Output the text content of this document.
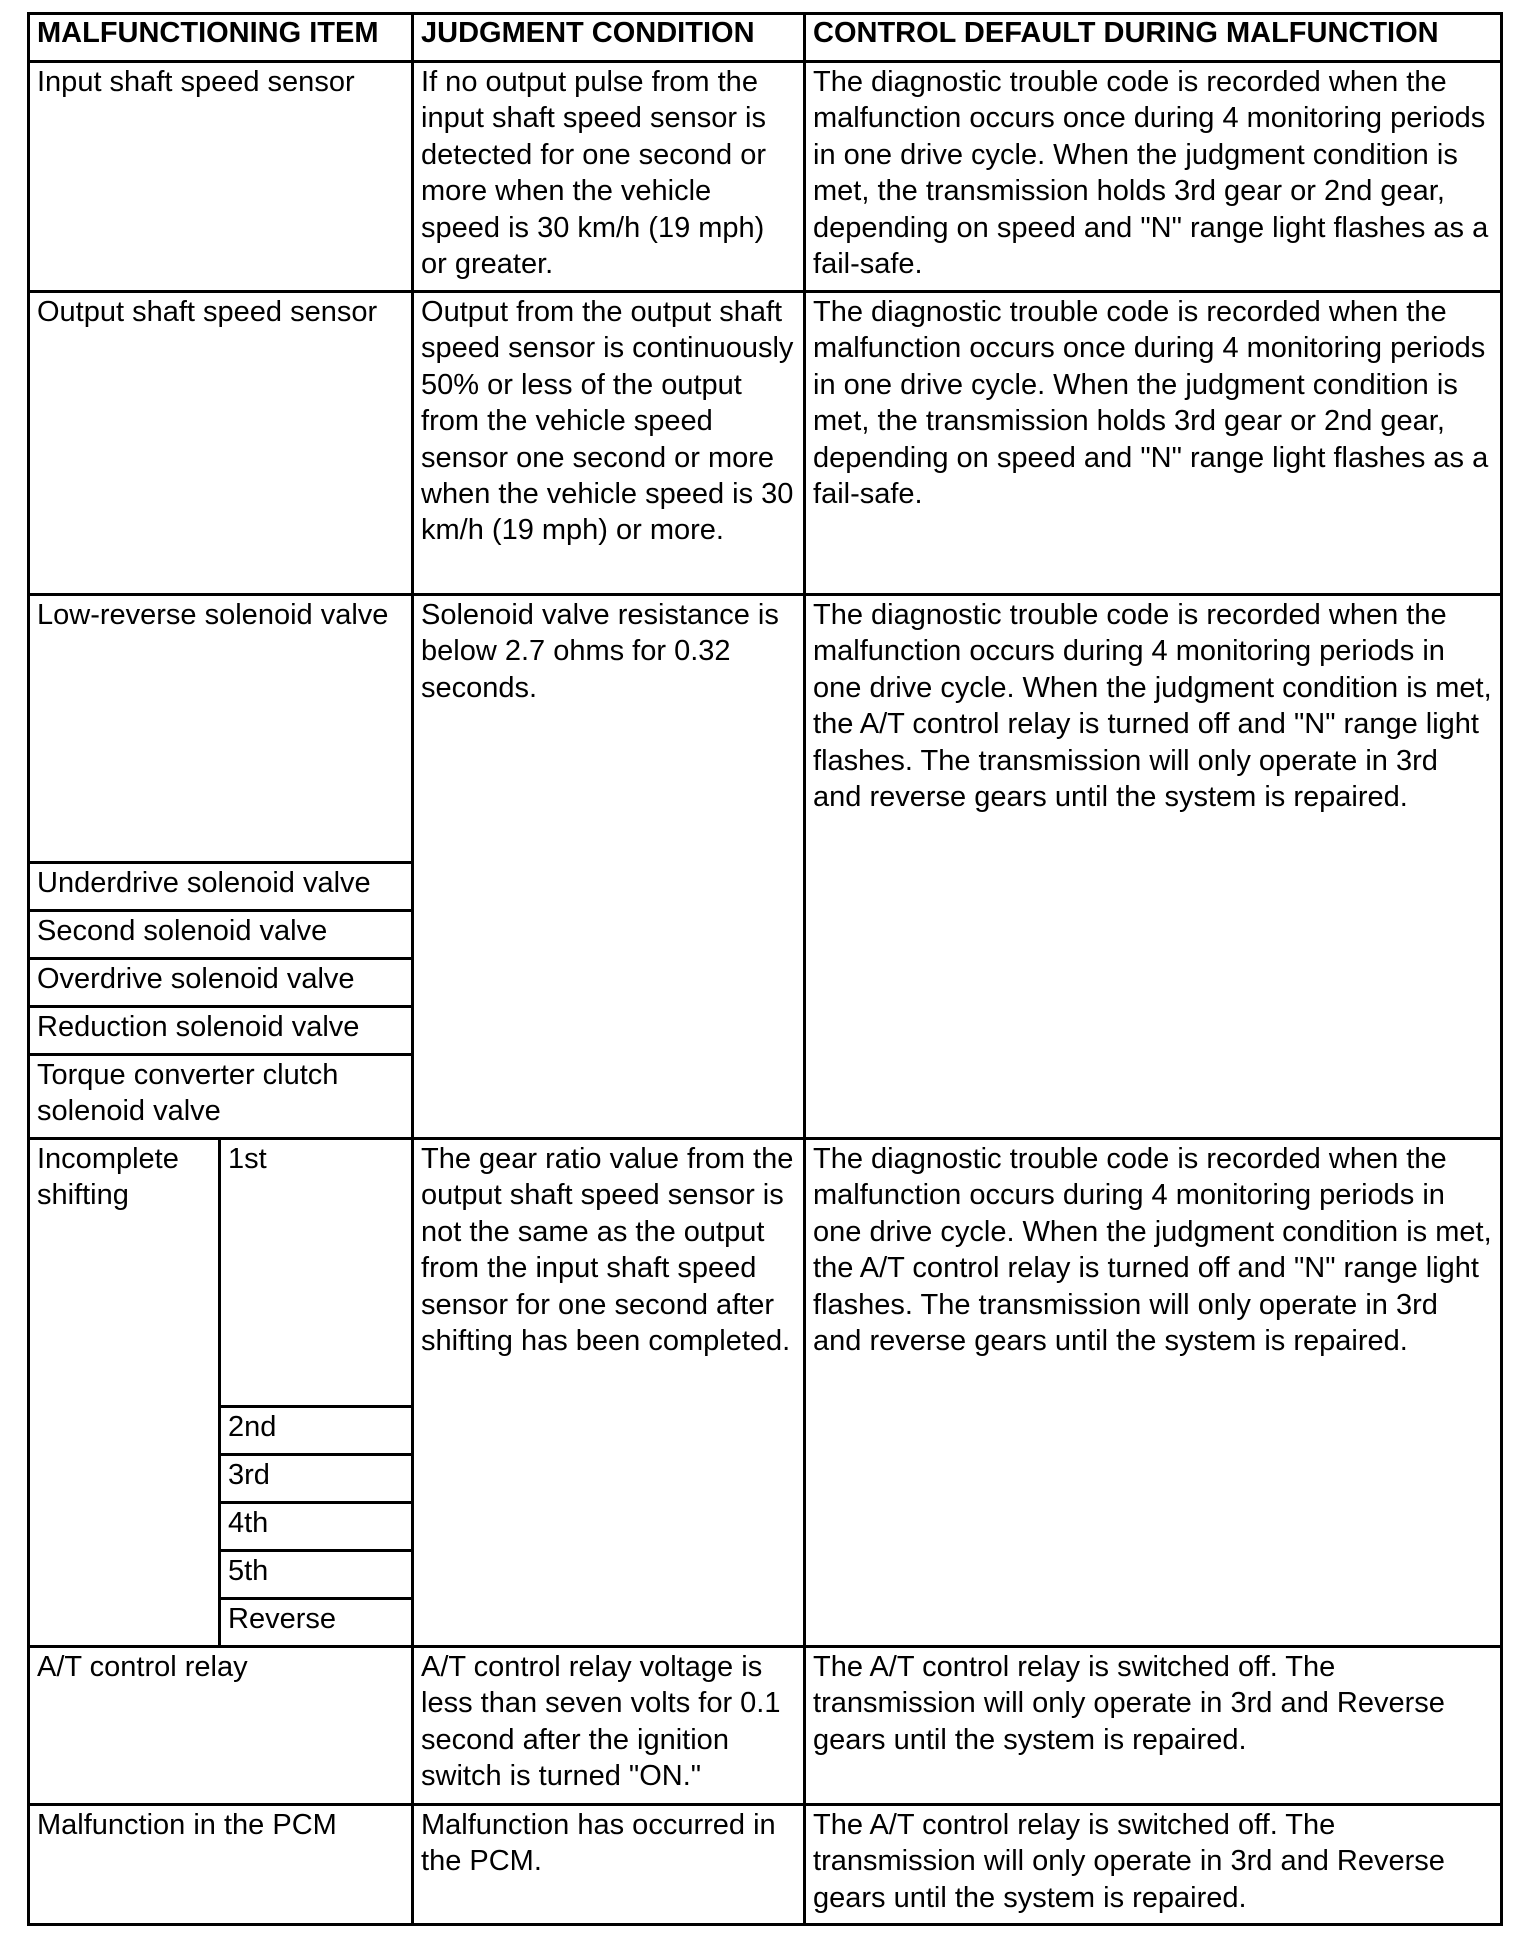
MALFUNCTIONING ITEM		JUDGMENT CONDITION	CONTROL DEFAULT DURING MALFUNCTION
Input shaft speed sensor		If no output pulse from the input shaft speed sensor is detected for one second or more when the vehicle speed is 30 km/h (19 mph) or greater.	The diagnostic trouble code is recorded when the malfunction occurs once during 4 monitoring periods in one drive cycle. When the judgment condition is met, the transmission holds 3rd gear or 2nd gear, depending on speed and "N" range light flashes as a fail-safe.
Output shaft speed sensor		Output from the output shaft speed sensor is continuously 50% or less of the output from the vehicle speed sensor one second or more when the vehicle speed is 30 km/h (19 mph) or more.	The diagnostic trouble code is recorded when the malfunction occurs once during 4 monitoring periods in one drive cycle. When the judgment condition is met, the transmission holds 3rd gear or 2nd gear, depending on speed and "N" range light flashes as a fail-safe.
Low-reverse solenoid valve		Solenoid valve resistance is below 2.7 ohms for 0.32 seconds.	The diagnostic trouble code is recorded when the malfunction occurs during 4 monitoring periods in one drive cycle. When the judgment condition is met, the A/T control relay is turned off and "N" range light flashes. The transmission will only operate in 3rd and reverse gears until the system is repaired.
Underdrive solenoid valve			
Second solenoid valve			
Overdrive solenoid valve			
Reduction solenoid valve			
Torque converter clutch solenoid valve			
Incomplete shifting	1st	The gear ratio value from the output shaft speed sensor is not the same as the output from the input shaft speed sensor for one second after shifting has been completed.	The diagnostic trouble code is recorded when the malfunction occurs during 4 monitoring periods in one drive cycle. When the judgment condition is met, the A/T control relay is turned off and "N" range light flashes. The transmission will only operate in 3rd and reverse gears until the system is repaired.
	2nd		
	3rd		
	4th		
	5th		
	Reverse		
A/T control relay		A/T control relay voltage is less than seven volts for 0.1 second after the ignition switch is turned "ON."	The A/T control relay is switched off. The transmission will only operate in 3rd and Reverse gears until the system is repaired.
Malfunction in the PCM		Malfunction has occurred in the PCM.	The A/T control relay is switched off. The transmission will only operate in 3rd and Reverse gears until the system is repaired.
